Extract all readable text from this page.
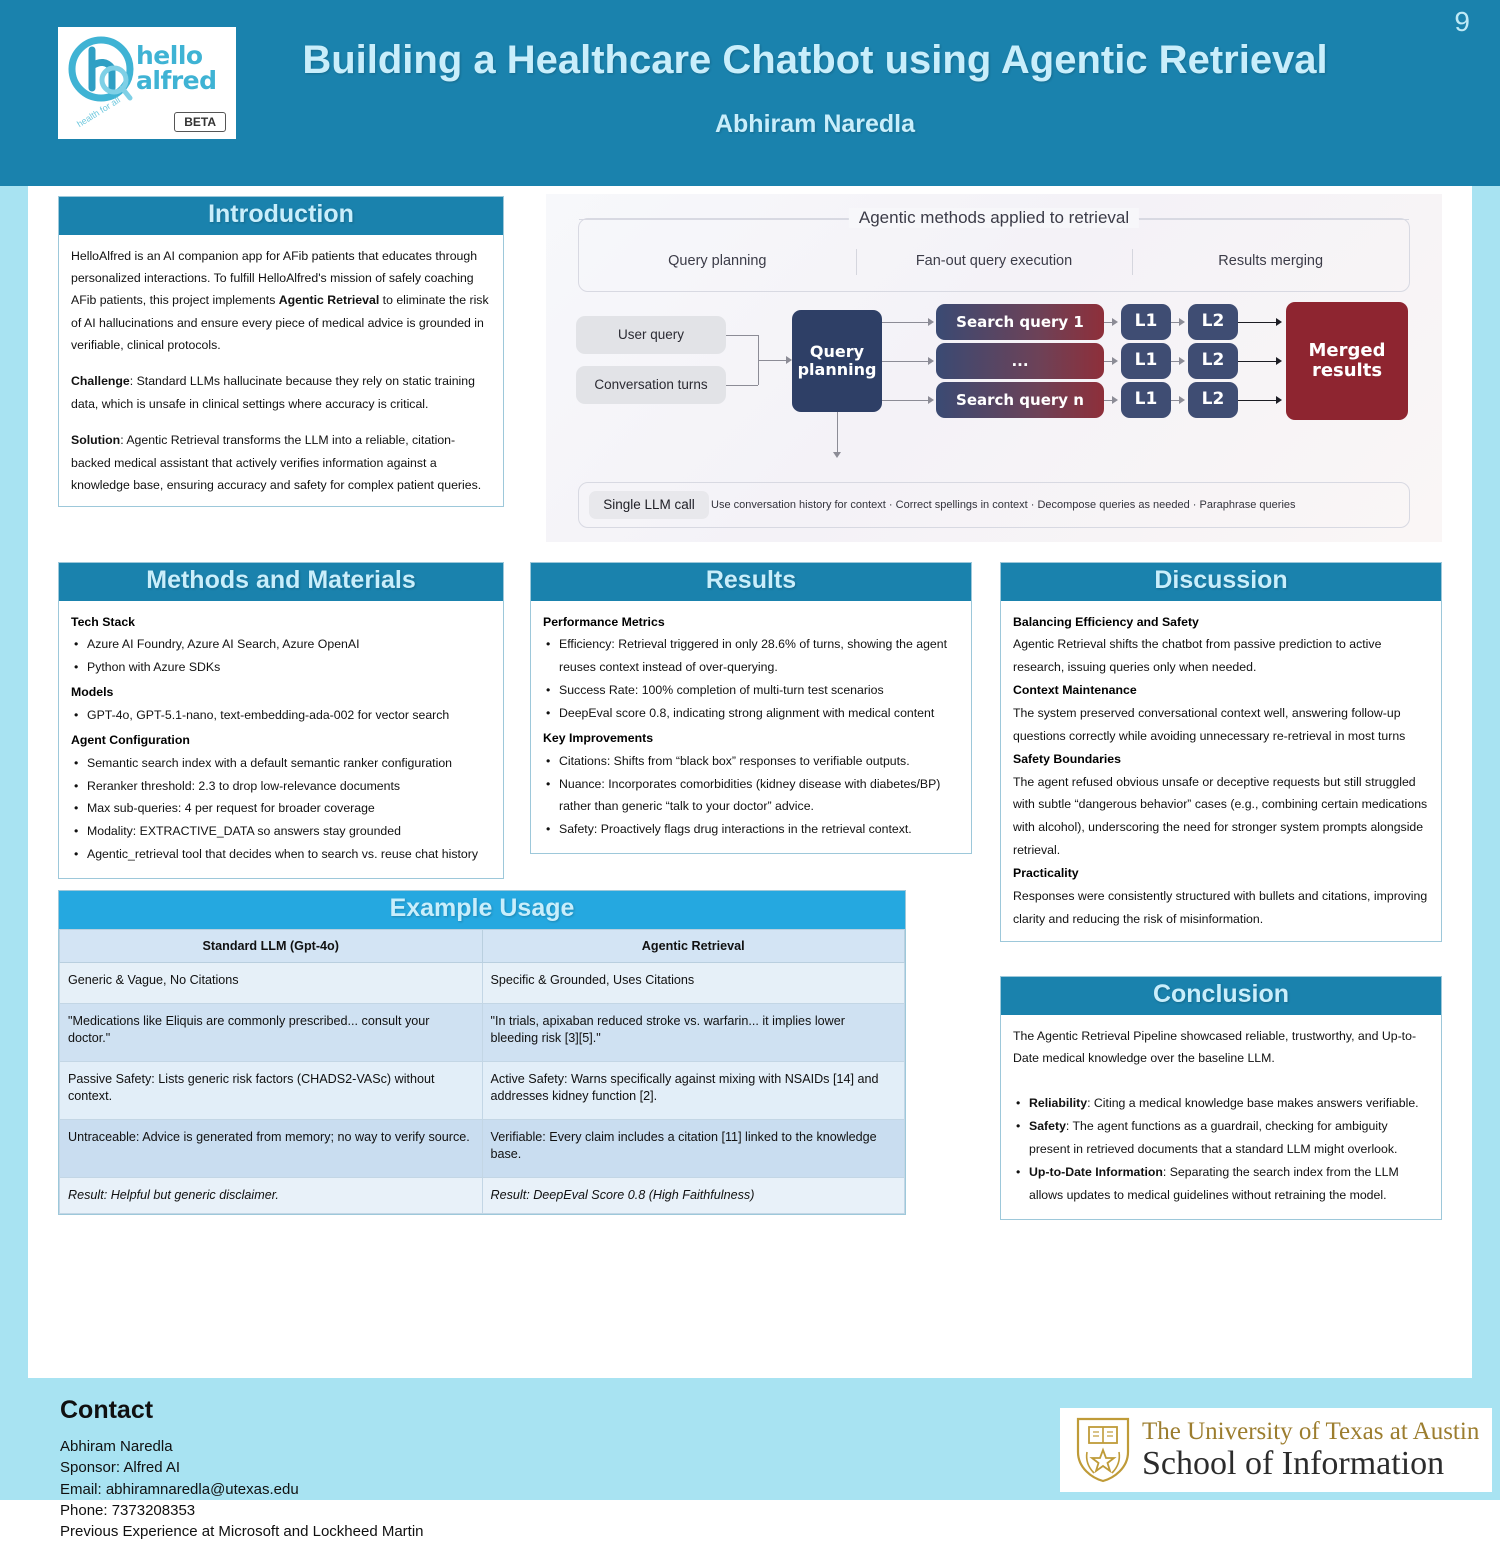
9
hello
alfred
health for all	BETA
Building a Healthcare Chatbot using Agentic Retrieval
Abhiram Naredla
Introduction

HelloAlfred is an AI companion app for AFib patients that educates through personalized interactions. To fulfill HelloAlfred's mission of safely coaching AFib patients, this project implements Agentic Retrieval to eliminate the risk of AI hallucinations and ensure every piece of medical advice is grounded in verifiable, clinical protocols.

Challenge: Standard LLMs hallucinate because they rely on static training data, which is unsafe in clinical settings where accuracy is critical.

Solution: Agentic Retrieval transforms the LLM into a reliable, citation-backed medical assistant that actively verifies information against a knowledge base, ensuring accuracy and safety for complex patient queries.

Agentic methods applied to retrieval
Query planning	Fan-out query execution	Results merging
User query
Conversation turns
Query planning
Search query 1
...
Search query n
L1
L1
L1
L2
L2
L2
Merged results
Single LLM call	Use conversation history for context · Correct spellings in context · Decompose queries as needed · Paraphrase queries
Methods and Materials
Tech Stack
• Azure AI Foundry, Azure AI Search, Azure OpenAI
• Python with Azure SDKs
Models
• GPT-4o, GPT-5.1-nano, text-embedding-ada-002 for vector search
Agent Configuration
• Semantic search index with a default semantic ranker configuration
• Reranker threshold: 2.3 to drop low-relevance documents
• Max sub-queries: 4 per request for broader coverage
• Modality: EXTRACTIVE_DATA so answers stay grounded
• Agentic_retrieval tool that decides when to search vs. reuse chat history
Results
Performance Metrics
• Efficiency: Retrieval triggered in only 28.6% of turns, showing the agent reuses context instead of over-querying.
• Success Rate: 100% completion of multi-turn test scenarios
• DeepEval score 0.8, indicating strong alignment with medical content
Key Improvements
• Citations: Shifts from “black box” responses to verifiable outputs.
• Nuance: Incorporates comorbidities (kidney disease with diabetes/BP) rather than generic “talk to your doctor” advice.
• Safety: Proactively flags drug interactions in the retrieval context.
Discussion
Balancing Efficiency and Safety
Agentic Retrieval shifts the chatbot from passive prediction to active research, issuing queries only when needed.
Context Maintenance
The system preserved conversational context well, answering follow-up questions correctly while avoiding unnecessary re-retrieval in most turns
Safety Boundaries
The agent refused obvious unsafe or deceptive requests but still struggled with subtle “dangerous behavior” cases (e.g., combining certain medications with alcohol), underscoring the need for stronger system prompts alongside retrieval.
Practicality
Responses were consistently structured with bullets and citations, improving clarity and reducing the risk of misinformation.
Example Usage
Standard LLM (Gpt-4o)	Agentic Retrieval
Generic & Vague, No Citations	Specific & Grounded, Uses Citations
"Medications like Eliquis are commonly prescribed... consult your doctor."	"In trials, apixaban reduced stroke vs. warfarin... it implies lower bleeding risk [3][5]."
Passive Safety: Lists generic risk factors (CHADS2-VASc) without context.	Active Safety: Warns specifically against mixing with NSAIDs [14] and addresses kidney function [2].
Untraceable: Advice is generated from memory; no way to verify source.	Verifiable: Every claim includes a citation [11] linked to the knowledge base.
Result: Helpful but generic disclaimer.	Result: DeepEval Score 0.8 (High Faithfulness)
Conclusion
The Agentic Retrieval Pipeline showcased reliable, trustworthy, and Up-to-Date medical knowledge over the baseline LLM.
• Reliability: Citing a medical knowledge base makes answers verifiable.
• Safety: The agent functions as a guardrail, checking for ambiguity present in retrieved documents that a standard LLM might overlook.
• Up-to-Date Information: Separating the search index from the LLM allows updates to medical guidelines without retraining the model.
Contact
Abhiram Naredla
Sponsor: Alfred AI
Email: abhiramnaredla@utexas.edu
Phone: 7373208353
Previous Experience at Microsoft and Lockheed Martin
The University of Texas at Austin
School of Information
